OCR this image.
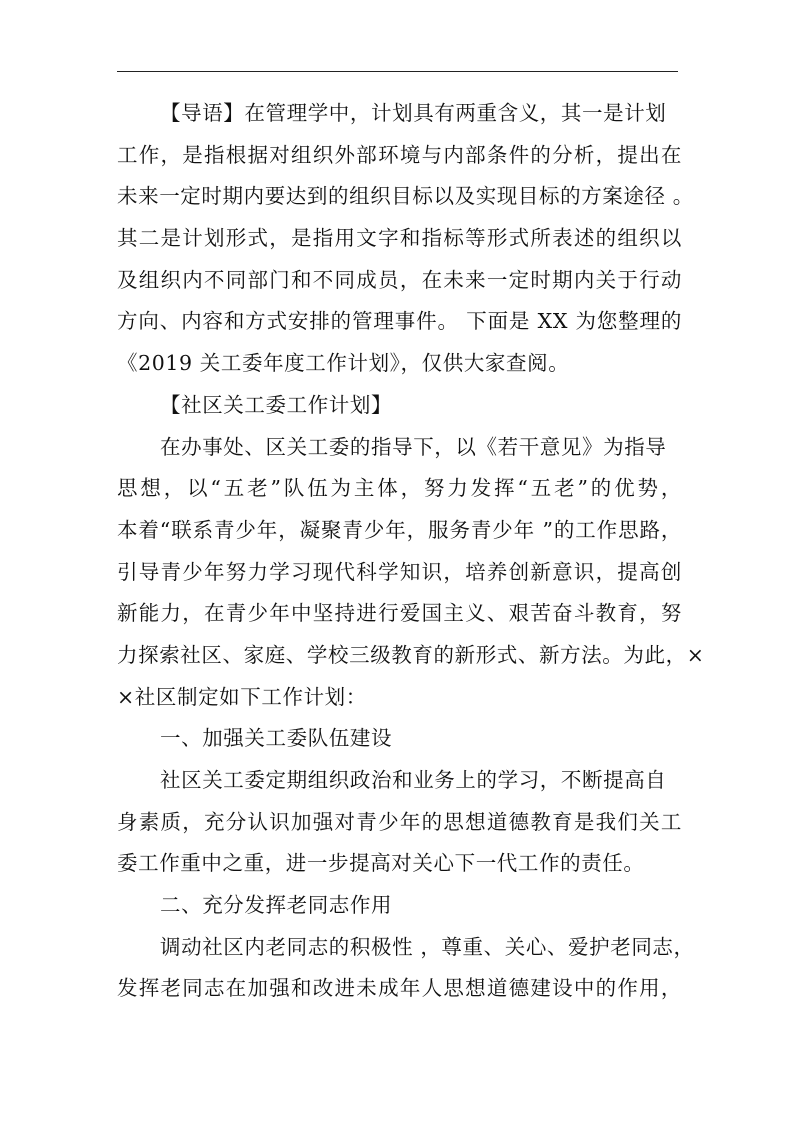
【导语】在管理学中，计划具有两重含义，其一是计划
工作，是指根据对组织外部环境与内部条件的分析，提出在
未来一定时期内要达到的组织目标以及实现目标的方案途径 。
其二是计划形式，是指用文字和指标等形式所表述的组织以
及组织内不同部门和不同成员，在未来一定时期内关于行动
方向、内容和方式安排的管理事件。 下面是 XX 为您整理的
《2019 关工委年度工作计划》，仅供大家查阅。
【社区关工委工作计划】
在办事处、区关工委的指导下，以《若干意见》为指导
思想，以“五老”队伍为主体，努力发挥“五老”的优势，
本着“联系青少年，凝聚青少年，服务青少年 ”的工作思路，
引导青少年努力学习现代科学知识，培养创新意识，提高创
新能力，在青少年中坚持进行爱国主义、艰苦奋斗教育，努
力探索社区、家庭、学校三级教育的新形式、新方法。为此，×
×社区制定如下工作计划：
一、加强关工委队伍建设
社区关工委定期组织政治和业务上的学习，不断提高自
身素质，充分认识加强对青少年的思想道德教育是我们关工
委工作重中之重，进一步提高对关心下一代工作的责任。
二、充分发挥老同志作用
调动社区内老同志的积极性 ，尊重、关心、爱护老同志，
发挥老同志在加强和改进未成年人思想道德建设中的作用，
